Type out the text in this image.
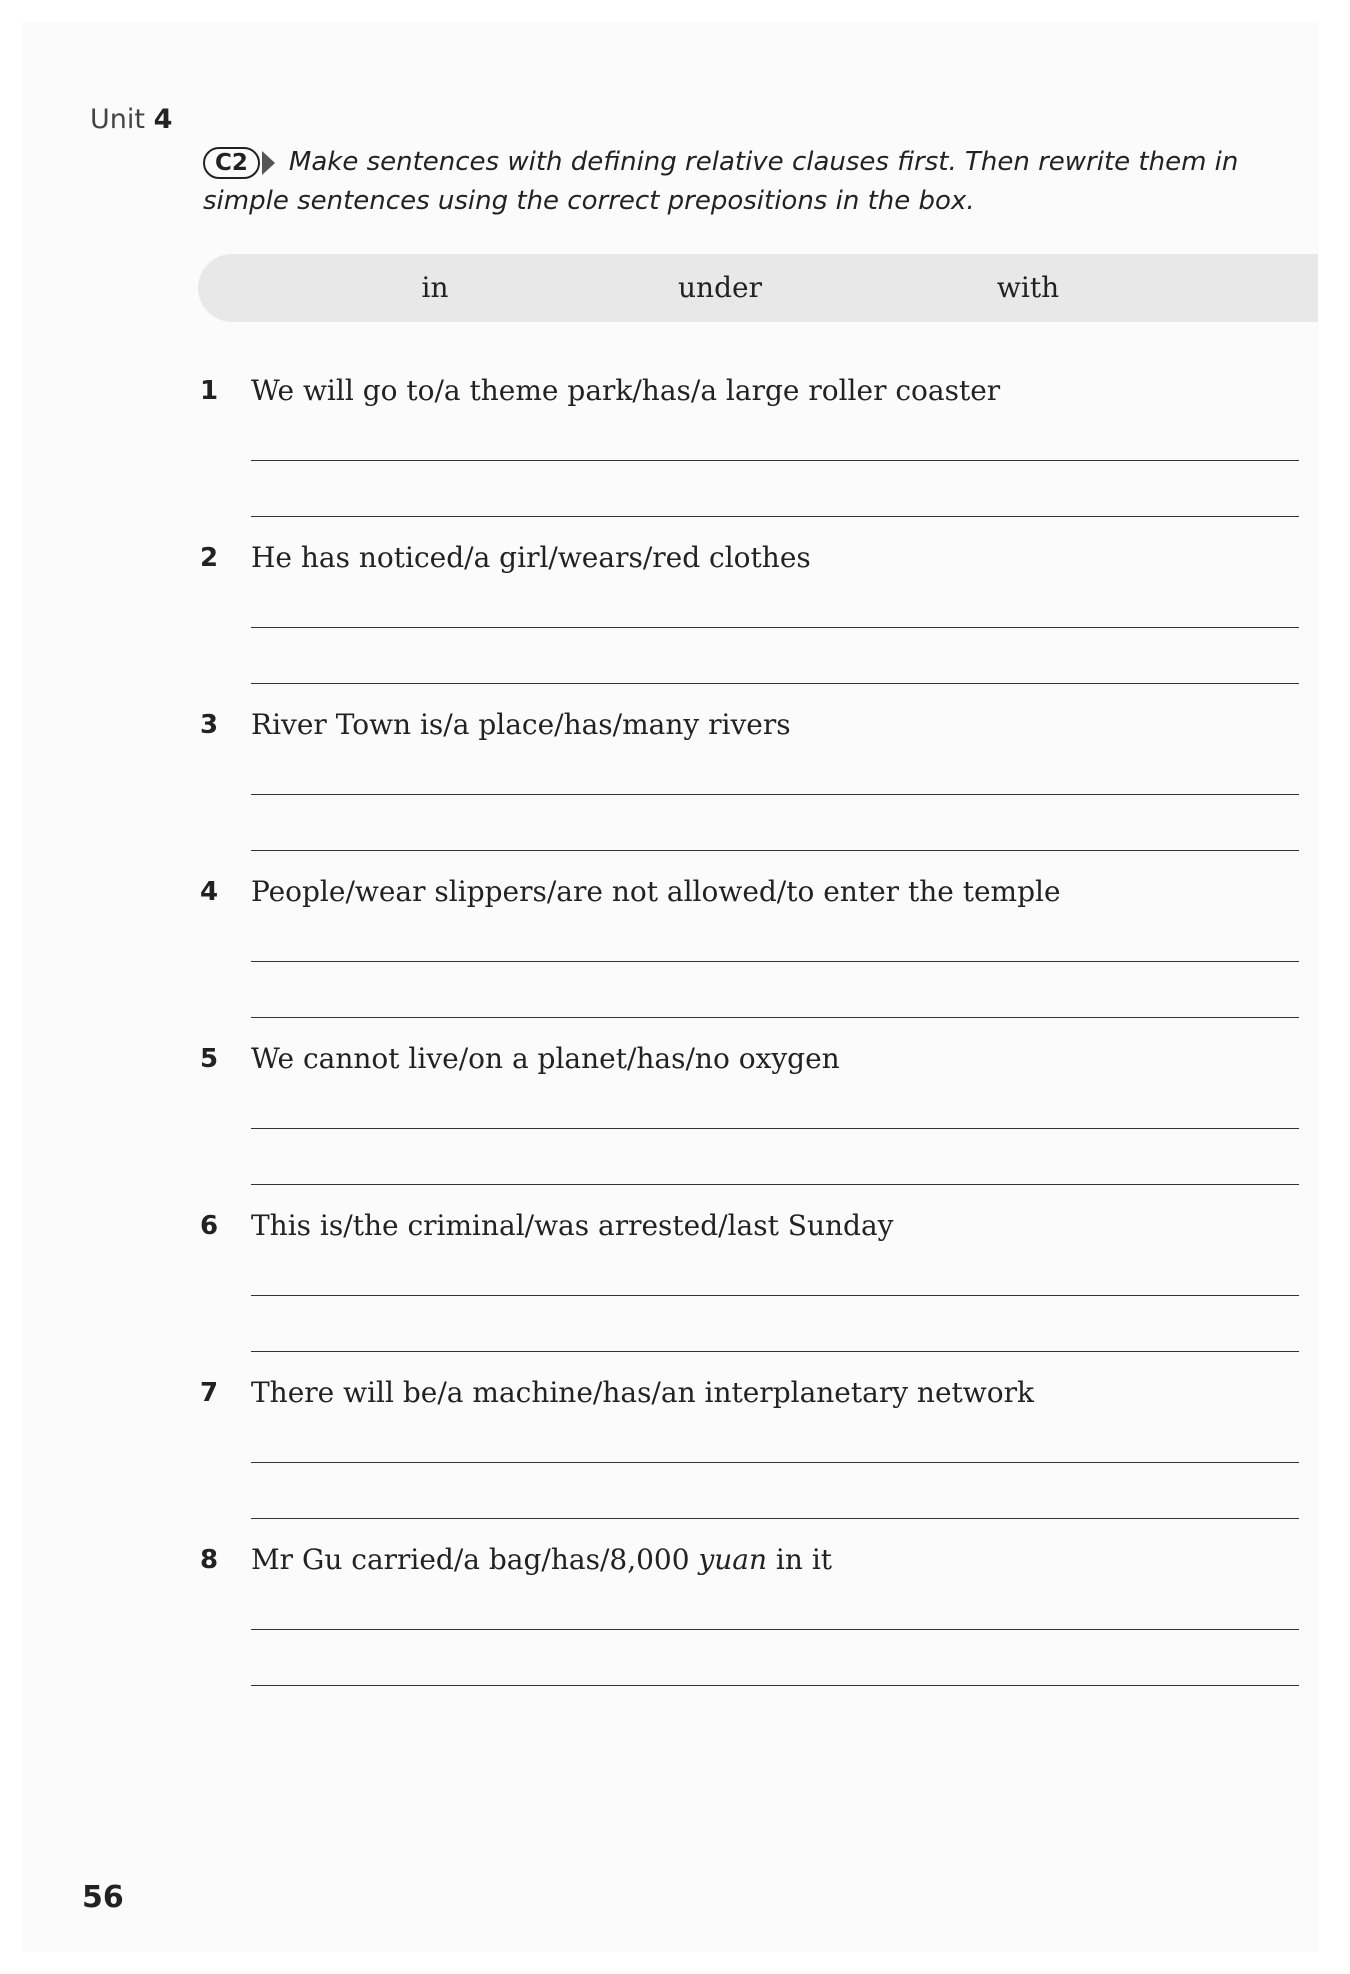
Unit 4
C2 Make sentences with defining relative clauses first. Then rewrite them in simple sentences using the correct prepositions in the box.
in	under	with
1 We will go to/a theme park/has/a large roller coaster
2 He has noticed/a girl/wears/red clothes
3 River Town is/a place/has/many rivers
4 People/wear slippers/are not allowed/to enter the temple
5 We cannot live/on a planet/has/no oxygen
6 This is/the criminal/was arrested/last Sunday
7 There will be/a machine/has/an interplanetary network
8 Mr Gu carried/a bag/has/8,000 yuan in it
56
